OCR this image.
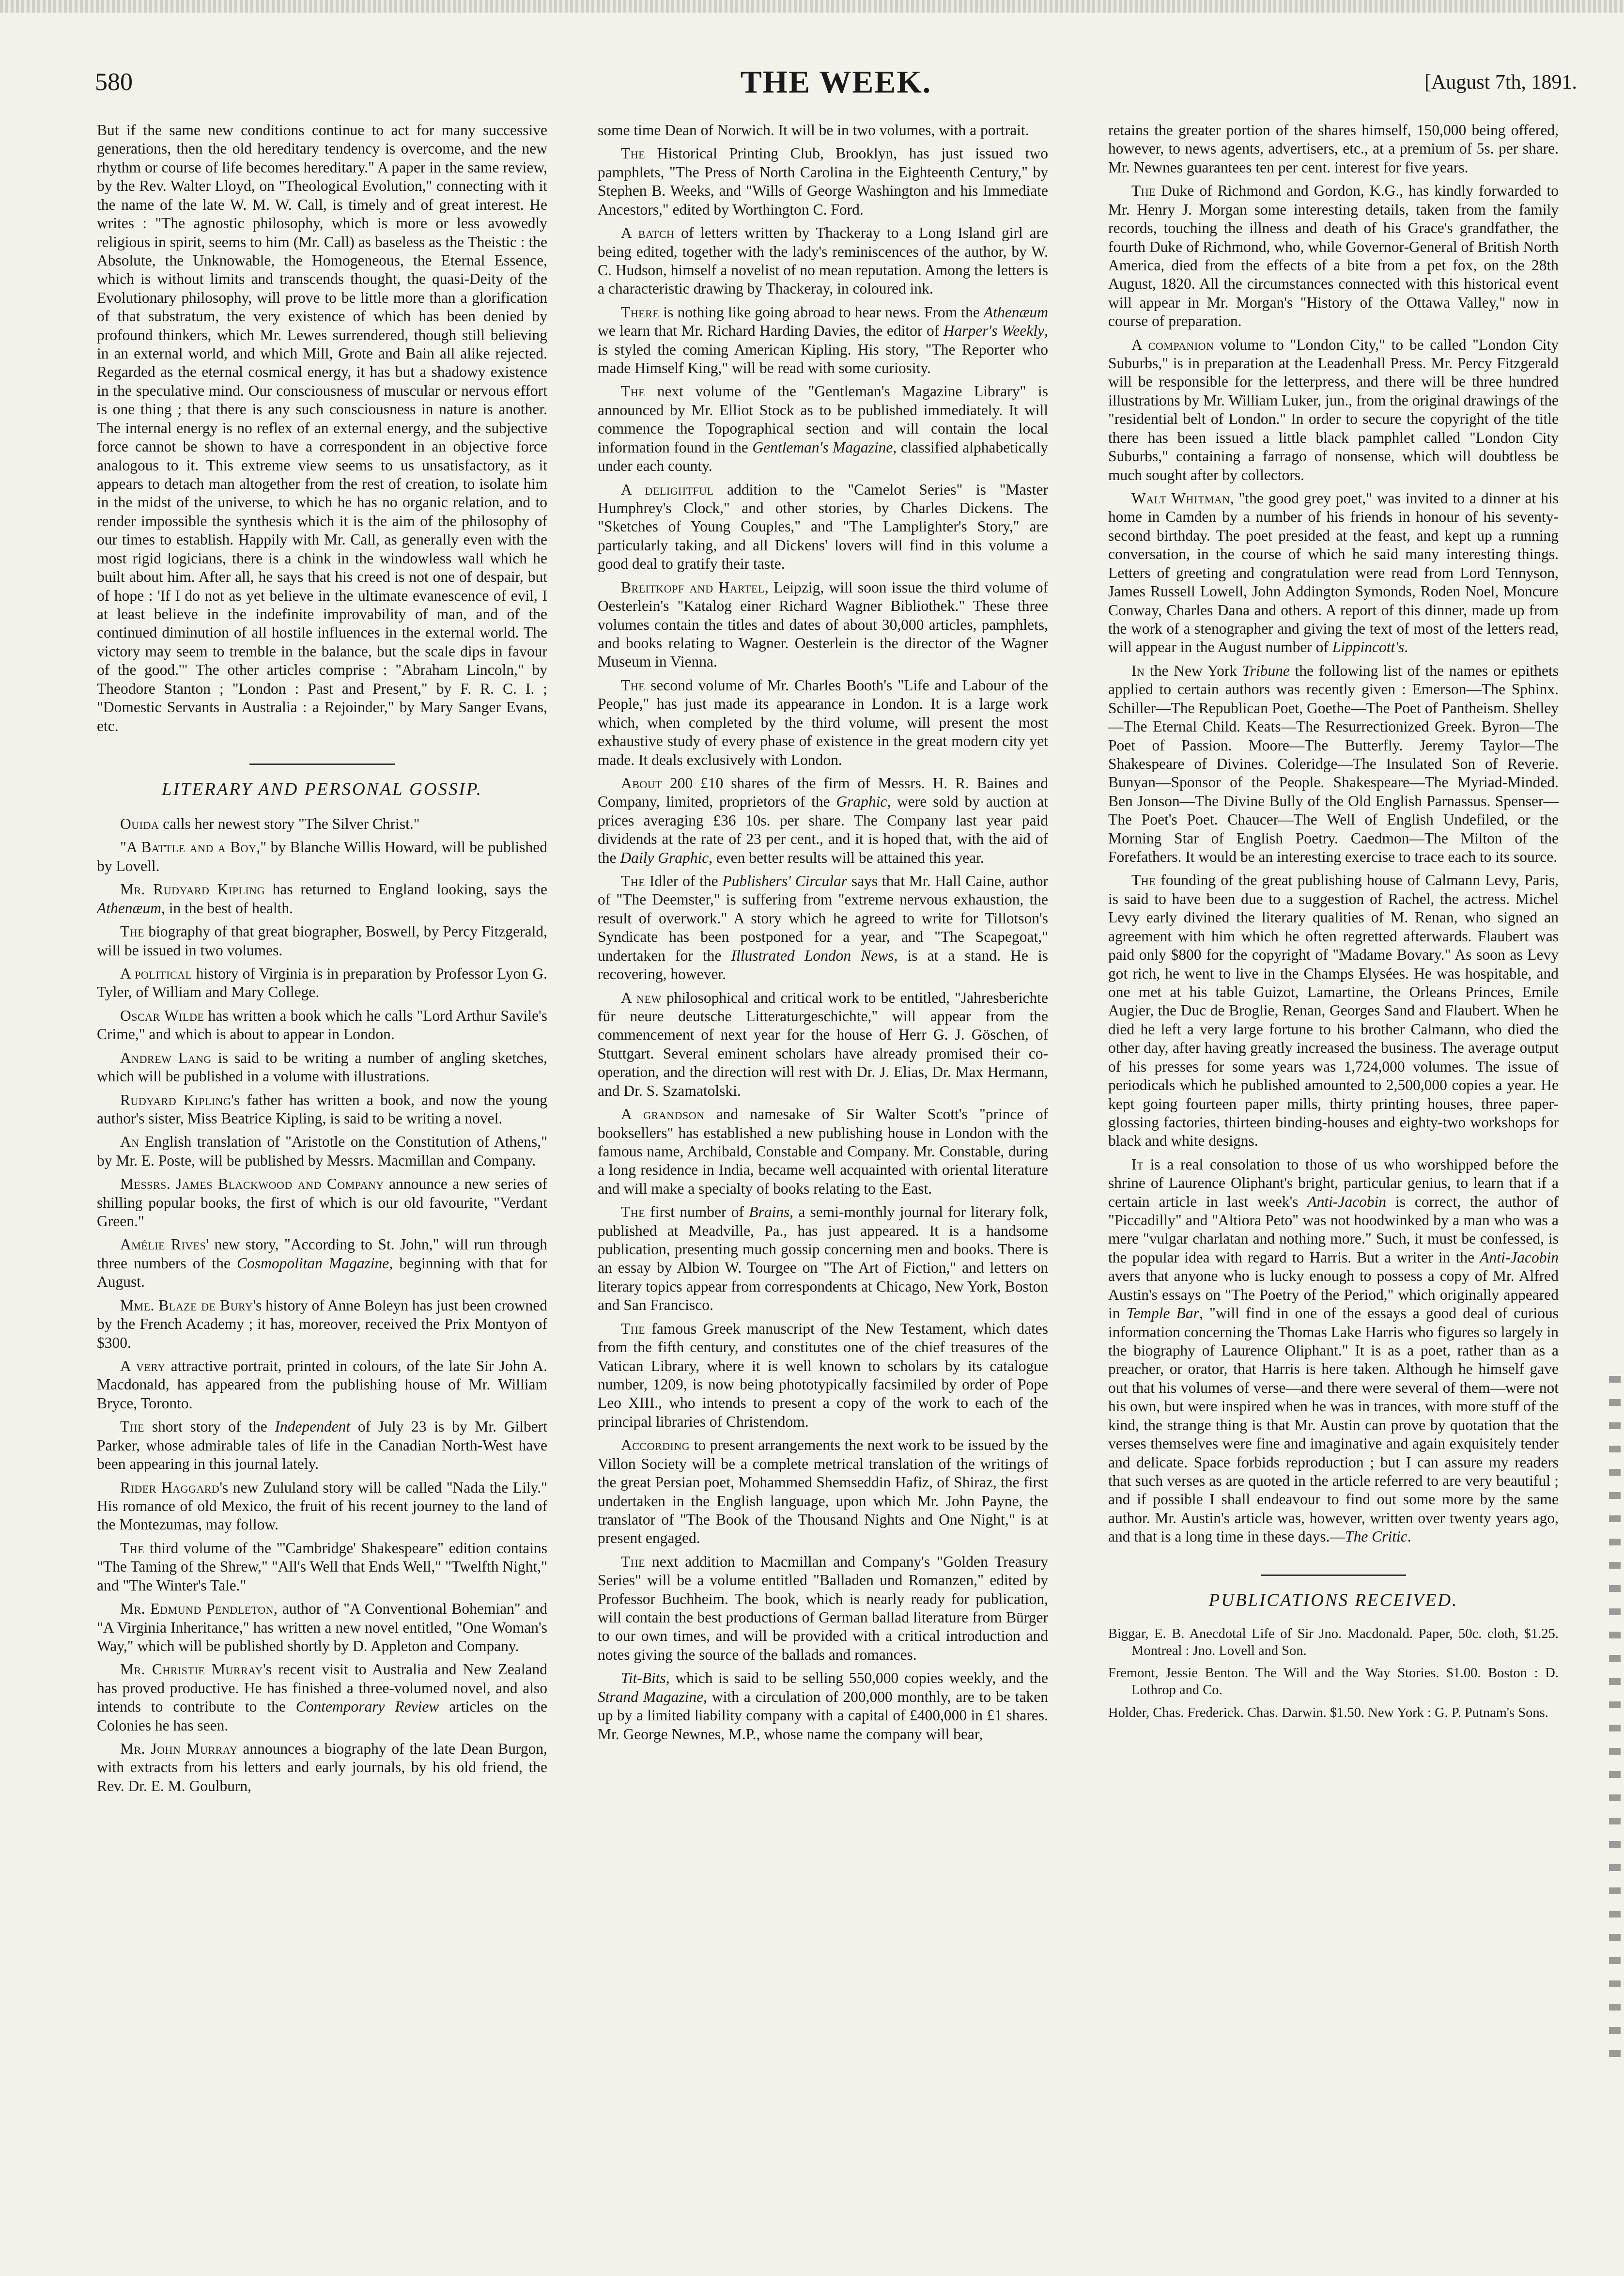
580	THE WEEK.	[August 7th, 1891.

But if the same new conditions continue to act for many successive generations, then the old hereditary tendency is overcome, and the new rhythm or course of life becomes hereditary." A paper in the same review, by the Rev. Walter Lloyd, on "Theological Evolution," connecting with it the name of the late W. M. W. Call, is timely and of great interest. He writes : "The agnostic philosophy, which is more or less avowedly religious in spirit, seems to him (Mr. Call) as baseless as the Theistic : the Absolute, the Unknowable, the Homogeneous, the Eternal Essence, which is without limits and transcends thought, the quasi-Deity of the Evolutionary philosophy, will prove to be little more than a glorification of that substratum, the very existence of which has been denied by profound thinkers, which Mr. Lewes surrendered, though still believing in an external world, and which Mill, Grote and Bain all alike rejected. Regarded as the eternal cosmical energy, it has but a shadowy existence in the speculative mind. Our consciousness of muscular or nervous effort is one thing ; that there is any such consciousness in nature is another. The internal energy is no reflex of an external energy, and the subjective force cannot be shown to have a correspondent in an objective force analogous to it. This extreme view seems to us unsatisfactory, as it appears to detach man altogether from the rest of creation, to isolate him in the midst of the universe, to which he has no organic relation, and to render impossible the synthesis which it is the aim of the philosophy of our times to establish. Happily with Mr. Call, as generally even with the most rigid logicians, there is a chink in the windowless wall which he built about him. After all, he says that his creed is not one of despair, but of hope : 'If I do not as yet believe in the ultimate evanescence of evil, I at least believe in the indefinite improvability of man, and of the continued diminution of all hostile influences in the external world. The victory may seem to tremble in the balance, but the scale dips in favour of the good.'" The other articles comprise : "Abraham Lincoln," by Theodore Stanton ; "London : Past and Present," by F. R. C. I. ; "Domestic Servants in Australia : a Rejoinder," by Mary Sanger Evans, etc.

LITERARY AND PERSONAL GOSSIP.

Ouida calls her newest story "The Silver Christ."

"A Battle and a Boy," by Blanche Willis Howard, will be published by Lovell.

Mr. Rudyard Kipling has returned to England looking, says the Athenæum, in the best of health.

The biography of that great biographer, Boswell, by Percy Fitzgerald, will be issued in two volumes.

A political history of Virginia is in preparation by Professor Lyon G. Tyler, of William and Mary College.

Oscar Wilde has written a book which he calls "Lord Arthur Savile's Crime," and which is about to appear in London.

Andrew Lang is said to be writing a number of angling sketches, which will be published in a volume with illustrations.

Rudyard Kipling's father has written a book, and now the young author's sister, Miss Beatrice Kipling, is said to be writing a novel.

An English translation of "Aristotle on the Constitution of Athens," by Mr. E. Poste, will be published by Messrs. Macmillan and Company.

Messrs. James Blackwood and Company announce a new series of shilling popular books, the first of which is our old favourite, "Verdant Green."

Amélie Rives' new story, "According to St. John," will run through three numbers of the Cosmopolitan Magazine, beginning with that for August.

Mme. Blaze de Bury's history of Anne Boleyn has just been crowned by the French Academy ; it has, moreover, received the Prix Montyon of $300.

A very attractive portrait, printed in colours, of the late Sir John A. Macdonald, has appeared from the publishing house of Mr. William Bryce, Toronto.

The short story of the Independent of July 23 is by Mr. Gilbert Parker, whose admirable tales of life in the Canadian North-West have been appearing in this journal lately.

Rider Haggard's new Zululand story will be called "Nada the Lily." His romance of old Mexico, the fruit of his recent journey to the land of the Montezumas, may follow.

The third volume of the "'Cambridge' Shakespeare" edition contains "The Taming of the Shrew," "All's Well that Ends Well," "Twelfth Night," and "The Winter's Tale."

Mr. Edmund Pendleton, author of "A Conventional Bohemian" and "A Virginia Inheritance," has written a new novel entitled, "One Woman's Way," which will be published shortly by D. Appleton and Company.

Mr. Christie Murray's recent visit to Australia and New Zealand has proved productive. He has finished a three-volumed novel, and also intends to contribute to the Contemporary Review articles on the Colonies he has seen.

Mr. John Murray announces a biography of the late Dean Burgon, with extracts from his letters and early journals, by his old friend, the Rev. Dr. E. M. Goulburn,

some time Dean of Norwich. It will be in two volumes, with a portrait.

The Historical Printing Club, Brooklyn, has just issued two pamphlets, "The Press of North Carolina in the Eighteenth Century," by Stephen B. Weeks, and "Wills of George Washington and his Immediate Ancestors," edited by Worthington C. Ford.

A batch of letters written by Thackeray to a Long Island girl are being edited, together with the lady's reminiscences of the author, by W. C. Hudson, himself a novelist of no mean reputation. Among the letters is a characteristic drawing by Thackeray, in coloured ink.

There is nothing like going abroad to hear news. From the Athenæum we learn that Mr. Richard Harding Davies, the editor of Harper's Weekly, is styled the coming American Kipling. His story, "The Reporter who made Himself King," will be read with some curiosity.

The next volume of the "Gentleman's Magazine Library" is announced by Mr. Elliot Stock as to be published immediately. It will commence the Topographical section and will contain the local information found in the Gentleman's Magazine, classified alphabetically under each county.

A delightful addition to the "Camelot Series" is "Master Humphrey's Clock," and other stories, by Charles Dickens. The "Sketches of Young Couples," and "The Lamplighter's Story," are particularly taking, and all Dickens' lovers will find in this volume a good deal to gratify their taste.

Breitkopf and Hartel, Leipzig, will soon issue the third volume of Oesterlein's "Katalog einer Richard Wagner Bibliothek." These three volumes contain the titles and dates of about 30,000 articles, pamphlets, and books relating to Wagner. Oesterlein is the director of the Wagner Museum in Vienna.

The second volume of Mr. Charles Booth's "Life and Labour of the People," has just made its appearance in London. It is a large work which, when completed by the third volume, will present the most exhaustive study of every phase of existence in the great modern city yet made. It deals exclusively with London.

About 200 £10 shares of the firm of Messrs. H. R. Baines and Company, limited, proprietors of the Graphic, were sold by auction at prices averaging £36 10s. per share. The Company last year paid dividends at the rate of 23 per cent., and it is hoped that, with the aid of the Daily Graphic, even better results will be attained this year.

The Idler of the Publishers' Circular says that Mr. Hall Caine, author of "The Deemster," is suffering from "extreme nervous exhaustion, the result of overwork." A story which he agreed to write for Tillotson's Syndicate has been postponed for a year, and "The Scapegoat," undertaken for the Illustrated London News, is at a stand. He is recovering, however.

A new philosophical and critical work to be entitled, "Jahresberichte für neure deutsche Litteraturgeschichte," will appear from the commencement of next year for the house of Herr G. J. Göschen, of Stuttgart. Several eminent scholars have already promised their co-operation, and the direction will rest with Dr. J. Elias, Dr. Max Hermann, and Dr. S. Szamatolski.

A grandson and namesake of Sir Walter Scott's "prince of booksellers" has established a new publishing house in London with the famous name, Archibald, Constable and Company. Mr. Constable, during a long residence in India, became well acquainted with oriental literature and will make a specialty of books relating to the East.

The first number of Brains, a semi-monthly journal for literary folk, published at Meadville, Pa., has just appeared. It is a handsome publication, presenting much gossip concerning men and books. There is an essay by Albion W. Tourgee on "The Art of Fiction," and letters on literary topics appear from correspondents at Chicago, New York, Boston and San Francisco.

The famous Greek manuscript of the New Testament, which dates from the fifth century, and constitutes one of the chief treasures of the Vatican Library, where it is well known to scholars by its catalogue number, 1209, is now being phototypically facsimiled by order of Pope Leo XIII., who intends to present a copy of the work to each of the principal libraries of Christendom.

According to present arrangements the next work to be issued by the Villon Society will be a complete metrical translation of the writings of the great Persian poet, Mohammed Shemseddin Hafiz, of Shiraz, the first undertaken in the English language, upon which Mr. John Payne, the translator of "The Book of the Thousand Nights and One Night," is at present engaged.

The next addition to Macmillan and Company's "Golden Treasury Series" will be a volume entitled "Balladen und Romanzen," edited by Professor Buchheim. The book, which is nearly ready for publication, will contain the best productions of German ballad literature from Bürger to our own times, and will be provided with a critical introduction and notes giving the source of the ballads and romances.

Tit-Bits, which is said to be selling 550,000 copies weekly, and the Strand Magazine, with a circulation of 200,000 monthly, are to be taken up by a limited liability company with a capital of £400,000 in £1 shares. Mr. George Newnes, M.P., whose name the company will bear,

retains the greater portion of the shares himself, 150,000 being offered, however, to news agents, advertisers, etc., at a premium of 5s. per share. Mr. Newnes guarantees ten per cent. interest for five years.

The Duke of Richmond and Gordon, K.G., has kindly forwarded to Mr. Henry J. Morgan some interesting details, taken from the family records, touching the illness and death of his Grace's grandfather, the fourth Duke of Richmond, who, while Governor-General of British North America, died from the effects of a bite from a pet fox, on the 28th August, 1820. All the circumstances connected with this historical event will appear in Mr. Morgan's "History of the Ottawa Valley," now in course of preparation.

A companion volume to "London City," to be called "London City Suburbs," is in preparation at the Leadenhall Press. Mr. Percy Fitzgerald will be responsible for the letterpress, and there will be three hundred illustrations by Mr. William Luker, jun., from the original drawings of the "residential belt of London." In order to secure the copyright of the title there has been issued a little black pamphlet called "London City Suburbs," containing a farrago of nonsense, which will doubtless be much sought after by collectors.

Walt Whitman, "the good grey poet," was invited to a dinner at his home in Camden by a number of his friends in honour of his seventy-second birthday. The poet presided at the feast, and kept up a running conversation, in the course of which he said many interesting things. Letters of greeting and congratulation were read from Lord Tennyson, James Russell Lowell, John Addington Symonds, Roden Noel, Moncure Conway, Charles Dana and others. A report of this dinner, made up from the work of a stenographer and giving the text of most of the letters read, will appear in the August number of Lippincott's.

In the New York Tribune the following list of the names or epithets applied to certain authors was recently given : Emerson—The Sphinx. Schiller—The Republican Poet, Goethe—The Poet of Pantheism. Shelley—The Eternal Child. Keats—The Resurrectionized Greek. Byron—The Poet of Passion. Moore—The Butterfly. Jeremy Taylor—The Shakespeare of Divines. Coleridge—The Insulated Son of Reverie. Bunyan—Sponsor of the People. Shakespeare—The Myriad-Minded. Ben Jonson—The Divine Bully of the Old English Parnassus. Spenser—The Poet's Poet. Chaucer—The Well of English Undefiled, or the Morning Star of English Poetry. Caedmon—The Milton of the Forefathers. It would be an interesting exercise to trace each to its source.

The founding of the great publishing house of Calmann Levy, Paris, is said to have been due to a suggestion of Rachel, the actress. Michel Levy early divined the literary qualities of M. Renan, who signed an agreement with him which he often regretted afterwards. Flaubert was paid only $800 for the copyright of "Madame Bovary." As soon as Levy got rich, he went to live in the Champs Elysées. He was hospitable, and one met at his table Guizot, Lamartine, the Orleans Princes, Emile Augier, the Duc de Broglie, Renan, Georges Sand and Flaubert. When he died he left a very large fortune to his brother Calmann, who died the other day, after having greatly increased the business. The average output of his presses for some years was 1,724,000 volumes. The issue of periodicals which he published amounted to 2,500,000 copies a year. He kept going fourteen paper mills, thirty printing houses, three paper-glossing factories, thirteen binding-houses and eighty-two workshops for black and white designs.

It is a real consolation to those of us who worshipped before the shrine of Laurence Oliphant's bright, particular genius, to learn that if a certain article in last week's Anti-Jacobin is correct, the author of "Piccadilly" and "Altiora Peto" was not hoodwinked by a man who was a mere "vulgar charlatan and nothing more." Such, it must be confessed, is the popular idea with regard to Harris. But a writer in the Anti-Jacobin avers that anyone who is lucky enough to possess a copy of Mr. Alfred Austin's essays on "The Poetry of the Period," which originally appeared in Temple Bar, "will find in one of the essays a good deal of curious information concerning the Thomas Lake Harris who figures so largely in the biography of Laurence Oliphant." It is as a poet, rather than as a preacher, or orator, that Harris is here taken. Although he himself gave out that his volumes of verse—and there were several of them—were not his own, but were inspired when he was in trances, with more stuff of the kind, the strange thing is that Mr. Austin can prove by quotation that the verses themselves were fine and imaginative and again exquisitely tender and delicate. Space forbids reproduction ; but I can assure my readers that such verses as are quoted in the article referred to are very beautiful ; and if possible I shall endeavour to find out some more by the same author. Mr. Austin's article was, however, written over twenty years ago, and that is a long time in these days.—The Critic.

PUBLICATIONS RECEIVED.
Biggar, E. B. Anecdotal Life of Sir Jno. Macdonald. Paper, 50c. cloth, $1.25. Montreal : Jno. Lovell and Son.
Fremont, Jessie Benton. The Will and the Way Stories. $1.00. Boston : D. Lothrop and Co.
Holder, Chas. Frederick. Chas. Darwin. $1.50. New York : G. P. Putnam's Sons.
